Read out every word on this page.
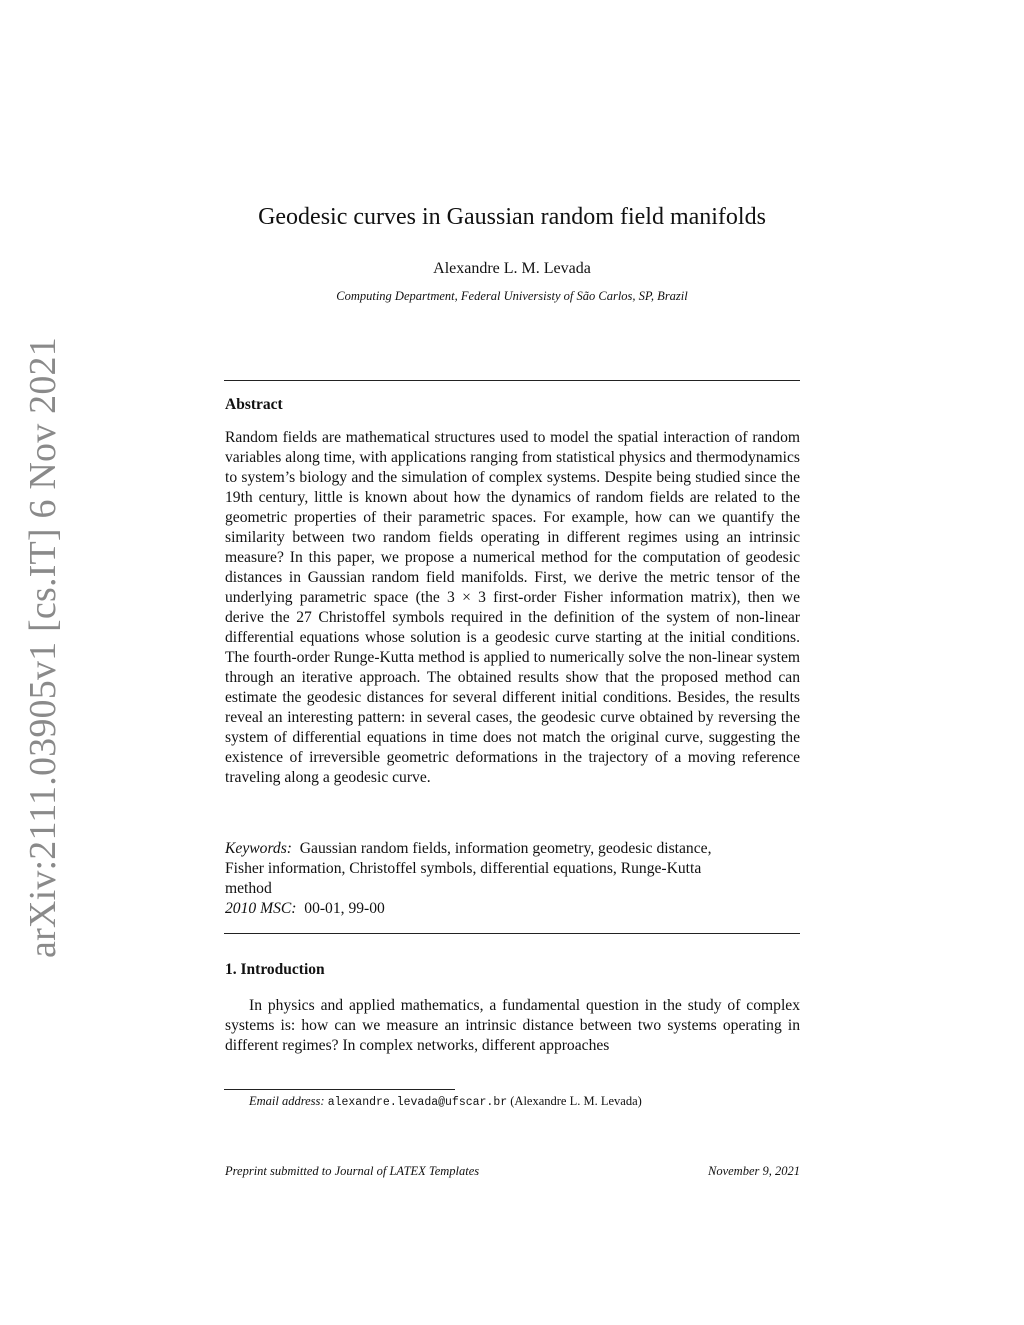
arXiv:2111.03905v1 [cs.IT] 6 Nov 2021
Geodesic curves in Gaussian random field manifolds
Alexandre L. M. Levada
Computing Department, Federal Universisty of São Carlos, SP, Brazil
Abstract
Random fields are mathematical structures used to model the spatial interaction of random variables along time, with applications ranging from statistical physics and thermodynamics to system’s biology and the simulation of complex systems. Despite being studied since the 19th century, little is known about how the dynamics of random fields are related to the geometric properties of their parametric spaces. For example, how can we quantify the similarity between two random fields operating in different regimes using an intrinsic measure? In this paper, we propose a numerical method for the computation of geodesic distances in Gaussian random field manifolds. First, we derive the metric tensor of the underlying parametric space (the 3 × 3 first-order Fisher information matrix), then we derive the 27 Christoffel symbols required in the definition of the system of non-linear differential equations whose solution is a geodesic curve starting at the initial conditions. The fourth-order Runge-Kutta method is applied to numerically solve the non-linear system through an iterative approach. The obtained results show that the proposed method can estimate the geodesic distances for several different initial conditions. Besides, the results reveal an interesting pattern: in several cases, the geodesic curve obtained by reversing the system of differential equations in time does not match the original curve, suggesting the existence of irreversible geometric deformations in the trajectory of a moving reference traveling along a geodesic curve.
Keywords: Gaussian random fields, information geometry, geodesic distance,
Fisher information, Christoffel symbols, differential equations, Runge-Kutta
method
2010 MSC: 00-01, 99-00
1. Introduction
In physics and applied mathematics, a fundamental question in the study of complex systems is: how can we measure an intrinsic distance between two systems operating in different regimes? In complex networks, different approaches
Email address: alexandre.levada@ufscar.br (Alexandre L. M. Levada)
Preprint submitted to Journal of LATEX Templates	November 9, 2021
